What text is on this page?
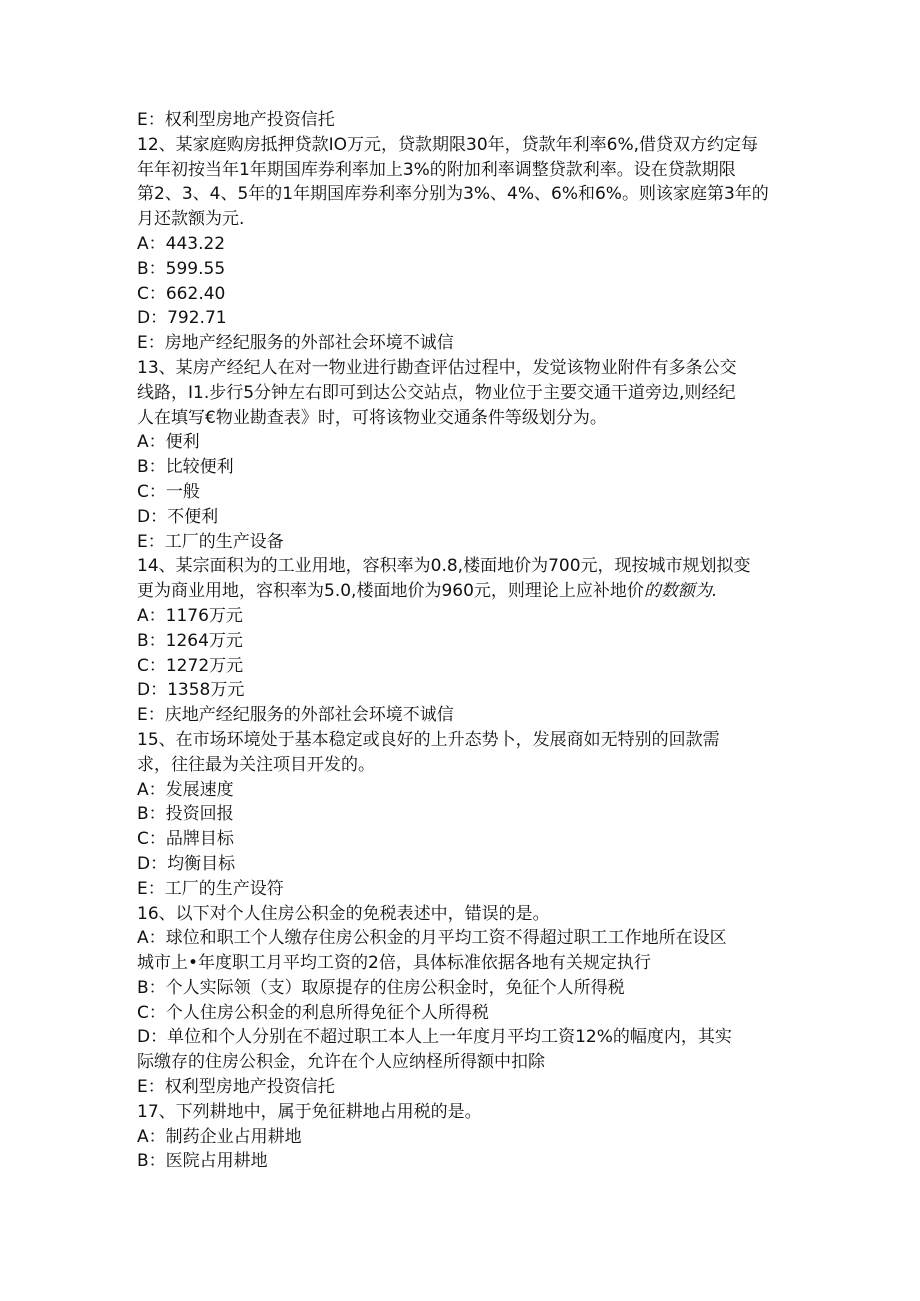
E：权利型房地产投资信托
12、某家庭购房抵押贷款IO万元，贷款期限30年，贷款年利率6%,借贷双方约定每
年年初按当年1年期国库券利率加上3%的附加利率调整贷款利率。设在贷款期限
第2、3、4、5年的1年期国库券利率分别为3%、4%、6%和6%。则该家庭第3年的
月还款额为元.
A：443.22
B：599.55
C：662.40
D：792.71
E：房地产经纪服务的外部社会环境不诚信
13、某房产经纪人在对一物业进行勘查评估过程中，发觉该物业附件有多条公交
线路，I1.步行5分钟左右即可到达公交站点，物业位于主要交通干道旁边,则经纪
人在填写€物业勘查表》时，可将该物业交通条件等级划分为。
A：便利
B：比较便利
C：一般
D：不便利
E：工厂的生产设备
14、某宗面积为的工业用地，容积率为0.8,楼面地价为700元，现按城市规划拟变
更为商业用地，容积率为5.0,楼面地价为960元，则理论上应补地价的数额为.
A：1176万元
B：1264万元
C：1272万元
D：1358万元
E：庆地产经纪服务的外部社会环境不诚信
15、在市场环境处于基本稳定或良好的上升态势卜，发展商如无特别的回款需
求，往往最为关注项目开发的。
A：发展速度
B：投资回报
C：品牌目标
D：均衡目标
E：工厂的生产设符
16、以下对个人住房公积金的免税表述中，错误的是。
A：球位和职工个人缴存住房公积金的月平均工资不得超过职工工作地所在设区
城市上•年度职工月平均工资的2倍，具体标准依据各地有关规定执行
B：个人实际领（支）取原提存的住房公积金时，免征个人所得税
C：个人住房公积金的利息所得免征个人所得税
D：单位和个人分别在不超过职工本人上一年度月平均工资12%的幅度内，其实
际缴存的住房公积金，允许在个人应纳柽所得额中扣除
E：权利型房地产投资信托
17、下列耕地中，属于免征耕地占用税的是。
A：制药企业占用耕地
B：医院占用耕地
